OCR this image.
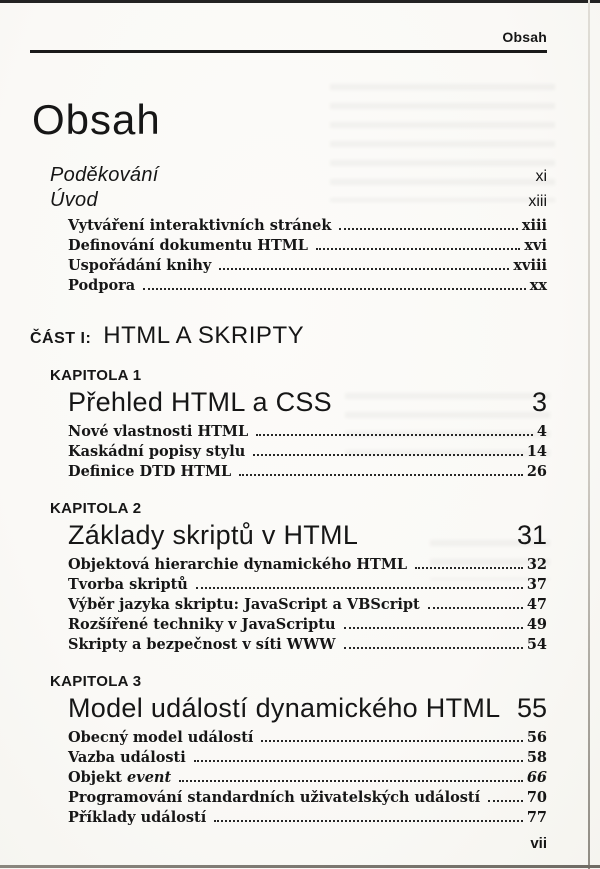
Obsah
Obsah
Poděkování	xi
Úvod	xiii
Vytváření interaktivních stránek	xiii
Definování dokumentu HTML	xvi
Uspořádání knihy	xviii
Podpora	xx
ČÁST I: HTML A SKRIPTY
KAPITOLA 1
Přehled HTML a CSS	3
Nové vlastnosti HTML	4
Kaskádní popisy stylu	14
Definice DTD HTML	26
KAPITOLA 2
Základy skriptů v HTML	31
Objektová hierarchie dynamického HTML	32
Tvorba skriptů	37
Výběr jazyka skriptu: JavaScript a VBScript	47
Rozšířené techniky v JavaScriptu	49
Skripty a bezpečnost v síti WWW	54
KAPITOLA 3
Model událostí dynamického HTML 55
Obecný model událostí	56
Vazba události	58
Objekt event	66
Programování standardních uživatelských událostí	70
Příklady událostí	77
vii
